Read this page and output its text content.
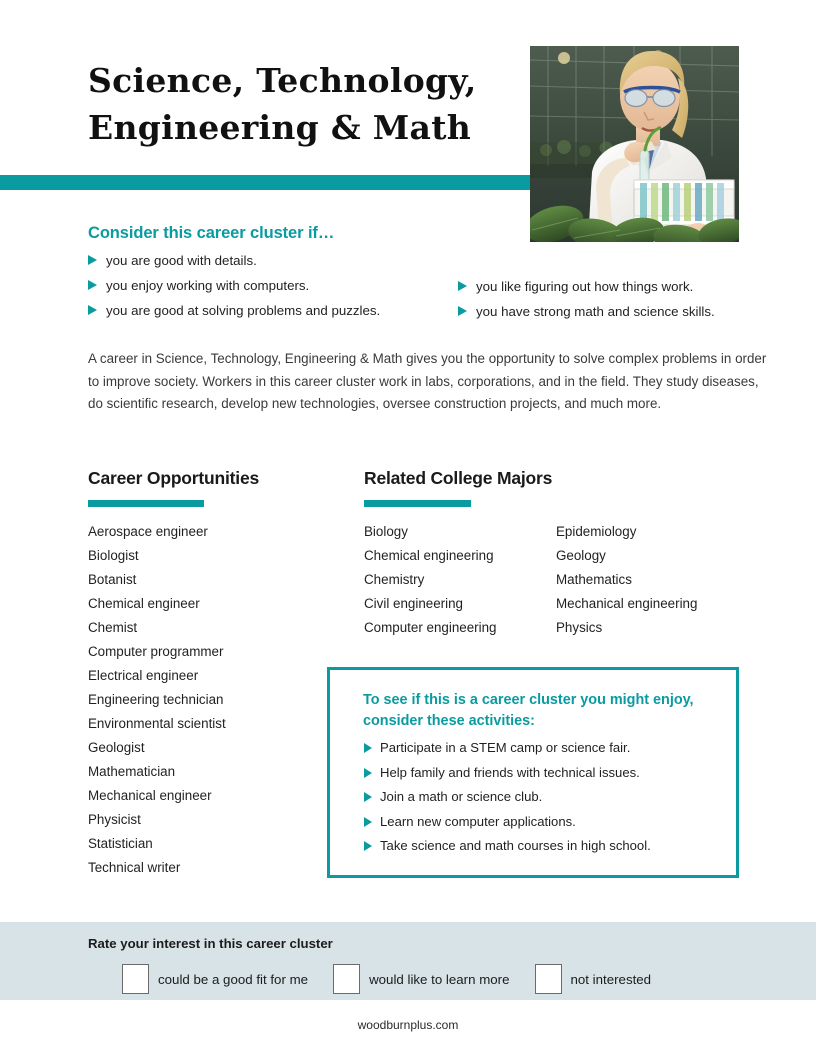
Science, Technology,
Engineering & Math
Consider this career cluster if…
you are good with details.
you enjoy working with computers.
you are good at solving problems and puzzles.
you like figuring out how things work.
you have strong math and science skills.

A career in Science, Technology, Engineering & Math gives you the opportunity to solve complex problems in order to improve society. Workers in this career cluster work in labs, corporations, and in the field. They study diseases, do scientific research, develop new technologies, oversee construction projects, and much more.

Career Opportunities
Aerospace engineer
Biologist
Botanist
Chemical engineer
Chemist
Computer programmer
Electrical engineer
Engineering technician
Environmental scientist
Geologist
Mathematician
Mechanical engineer
Physicist
Statistician
Technical writer
Related College Majors
Biology
Chemical engineering
Chemistry
Civil engineering
Computer engineering
Epidemiology
Geology
Mathematics
Mechanical engineering
Physics
To see if this is a career cluster you might enjoy, consider these activities:
Participate in a STEM camp or science fair.
Help family and friends with technical issues.
Join a math or science club.
Learn new computer applications.
Take science and math courses in high school.
Rate your interest in this career cluster
could be a good fit for me	would like to learn more	not interested
woodburnplus.com
